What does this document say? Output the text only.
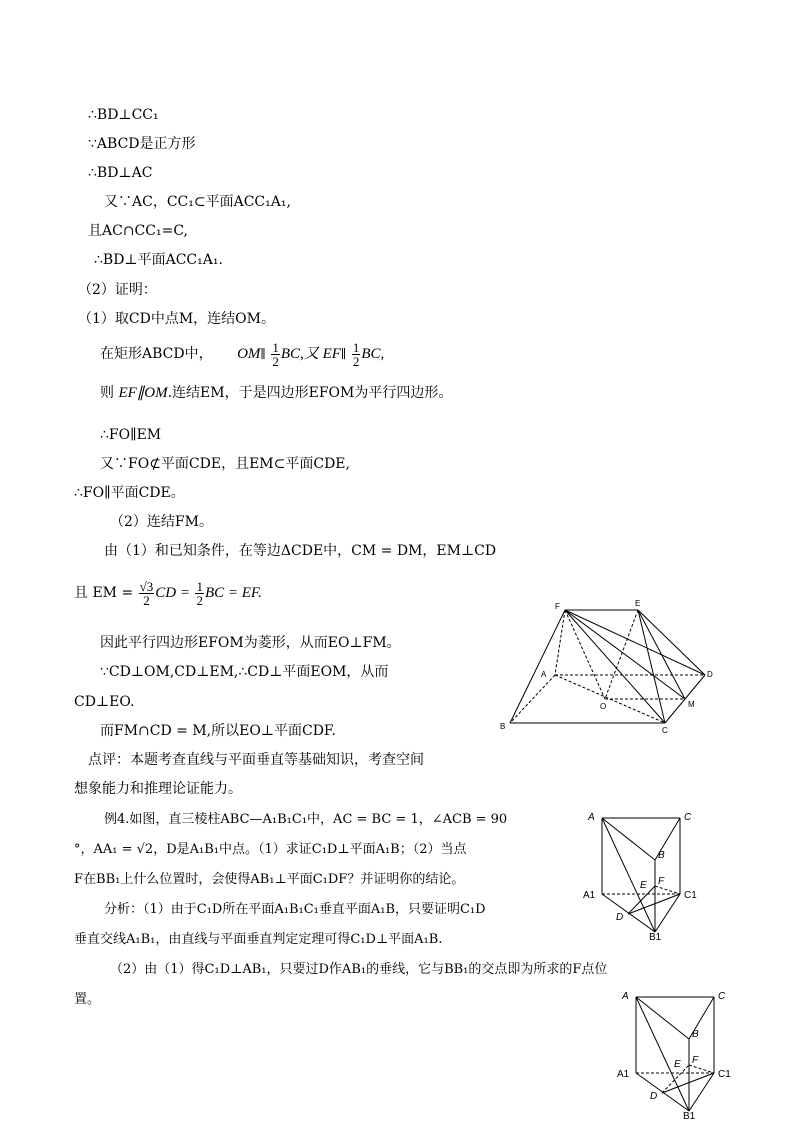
∴BD⊥CC₁
∵ABCD是正方形
∴BD⊥AC
又∵AC，CC₁⊂平面ACC₁A₁,
且AC∩CC₁=C,
∴BD⊥平面ACC₁A₁.
（2）证明：
（1）取CD中点M，连结OM。
在矩形ABCD中， OM∥ $\frac{1}{2}$ BC,又 EF∥ $\frac{1}{2}$ BC,
则 EF∥OM.连结EM，于是四边形EFOM为平行四边形。
∴FO∥EM
又∵FO⊄平面CDE，且EM⊂平面CDE,
∴FO∥平面CDE。
（2）连结FM。
由（1）和已知条件，在等边ΔCDE中，CM = DM，EM⊥CD
且 EM = $\frac{√3}{2}$ CD = $\frac{1}{2}$ BC = EF.
因此平行四边形EFOM为菱形，从而EO⊥FM。
∵CD⊥OM,CD⊥EM,∴CD⊥平面EOM，从而
CD⊥EO.
而FM∩CD = M,所以EO⊥平面CDF.
点评：本题考查直线与平面垂直等基础知识，考查空间
想象能力和推理论证能力。
例4.如图，直三棱柱ABC—A₁B₁C₁中，AC = BC = 1，∠ACB = 90
°，AA₁ = √2，D是A₁B₁中点。（1）求证C₁D⊥平面A₁B；（2）当点
F在BB₁上什么位置时，会使得AB₁⊥平面C₁DF？并证明你的结论。
分析：（1）由于C₁D所在平面A₁B₁C₁垂直平面A₁B，只要证明C₁D
垂直交线A₁B₁，由直线与平面垂直判定定理可得C₁D⊥平面A₁B.
（2）由（1）得C₁D⊥AB₁，只要过D作AB₁的垂线，它与BB₁的交点即为所求的F点位
置。
F	E
A	D
O	M
B	C
A	C
B
E F
A1	C1
D
B1
A	C
B
E F
A1	C1
D
B1
